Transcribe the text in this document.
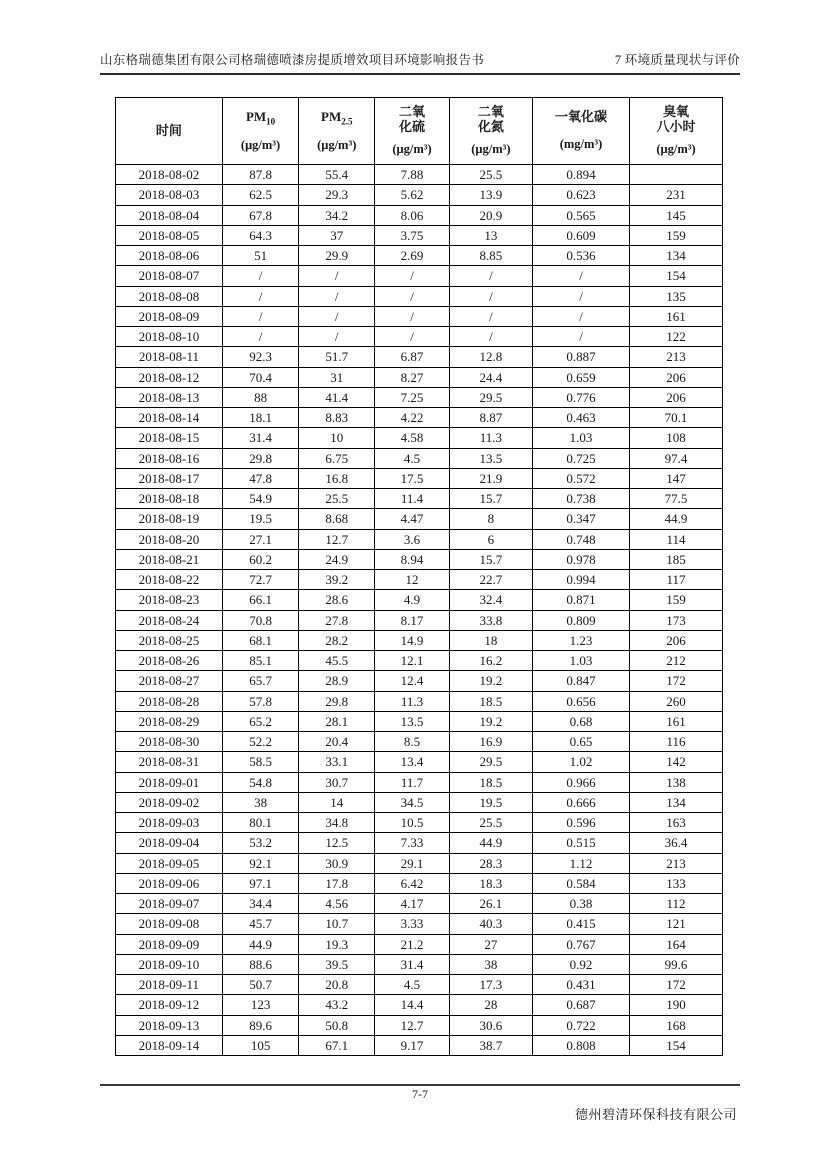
山东格瑞德集团有限公司格瑞德喷漆房提质增效项目环境影响报告书	7 环境质量现状与评价
时间

$PM_{10}$
(μg/m³)

$PM_{2.5}$
(μg/m³)

二氧
化硫
(μg/m³)

二氧
化氮
(μg/m³)

一氧化碳
(mg/m³)

臭氧
八小时
(μg/m³)

2018-08-02	87.8	55.4	7.88	25.5	0.894	
2018-08-03	62.5	29.3	5.62	13.9	0.623	231
2018-08-04	67.8	34.2	8.06	20.9	0.565	145
2018-08-05	64.3	37	3.75	13	0.609	159
2018-08-06	51	29.9	2.69	8.85	0.536	134
2018-08-07	/	/	/	/	/	154
2018-08-08	/	/	/	/	/	135
2018-08-09	/	/	/	/	/	161
2018-08-10	/	/	/	/	/	122
2018-08-11	92.3	51.7	6.87	12.8	0.887	213
2018-08-12	70.4	31	8.27	24.4	0.659	206
2018-08-13	88	41.4	7.25	29.5	0.776	206
2018-08-14	18.1	8.83	4.22	8.87	0.463	70.1
2018-08-15	31.4	10	4.58	11.3	1.03	108
2018-08-16	29.8	6.75	4.5	13.5	0.725	97.4
2018-08-17	47.8	16.8	17.5	21.9	0.572	147
2018-08-18	54.9	25.5	11.4	15.7	0.738	77.5
2018-08-19	19.5	8.68	4.47	8	0.347	44.9
2018-08-20	27.1	12.7	3.6	6	0.748	114
2018-08-21	60.2	24.9	8.94	15.7	0.978	185
2018-08-22	72.7	39.2	12	22.7	0.994	117
2018-08-23	66.1	28.6	4.9	32.4	0.871	159
2018-08-24	70.8	27.8	8.17	33.8	0.809	173
2018-08-25	68.1	28.2	14.9	18	1.23	206
2018-08-26	85.1	45.5	12.1	16.2	1.03	212
2018-08-27	65.7	28.9	12.4	19.2	0.847	172
2018-08-28	57.8	29.8	11.3	18.5	0.656	260
2018-08-29	65.2	28.1	13.5	19.2	0.68	161
2018-08-30	52.2	20.4	8.5	16.9	0.65	116
2018-08-31	58.5	33.1	13.4	29.5	1.02	142
2018-09-01	54.8	30.7	11.7	18.5	0.966	138
2018-09-02	38	14	34.5	19.5	0.666	134
2018-09-03	80.1	34.8	10.5	25.5	0.596	163
2018-09-04	53.2	12.5	7.33	44.9	0.515	36.4
2018-09-05	92.1	30.9	29.1	28.3	1.12	213
2018-09-06	97.1	17.8	6.42	18.3	0.584	133
2018-09-07	34.4	4.56	4.17	26.1	0.38	112
2018-09-08	45.7	10.7	3.33	40.3	0.415	121
2018-09-09	44.9	19.3	21.2	27	0.767	164
2018-09-10	88.6	39.5	31.4	38	0.92	99.6
2018-09-11	50.7	20.8	4.5	17.3	0.431	172
2018-09-12	123	43.2	14.4	28	0.687	190
2018-09-13	89.6	50.8	12.7	30.6	0.722	168
2018-09-14	105	67.1	9.17	38.7	0.808	154
7-7
德州碧清环保科技有限公司
